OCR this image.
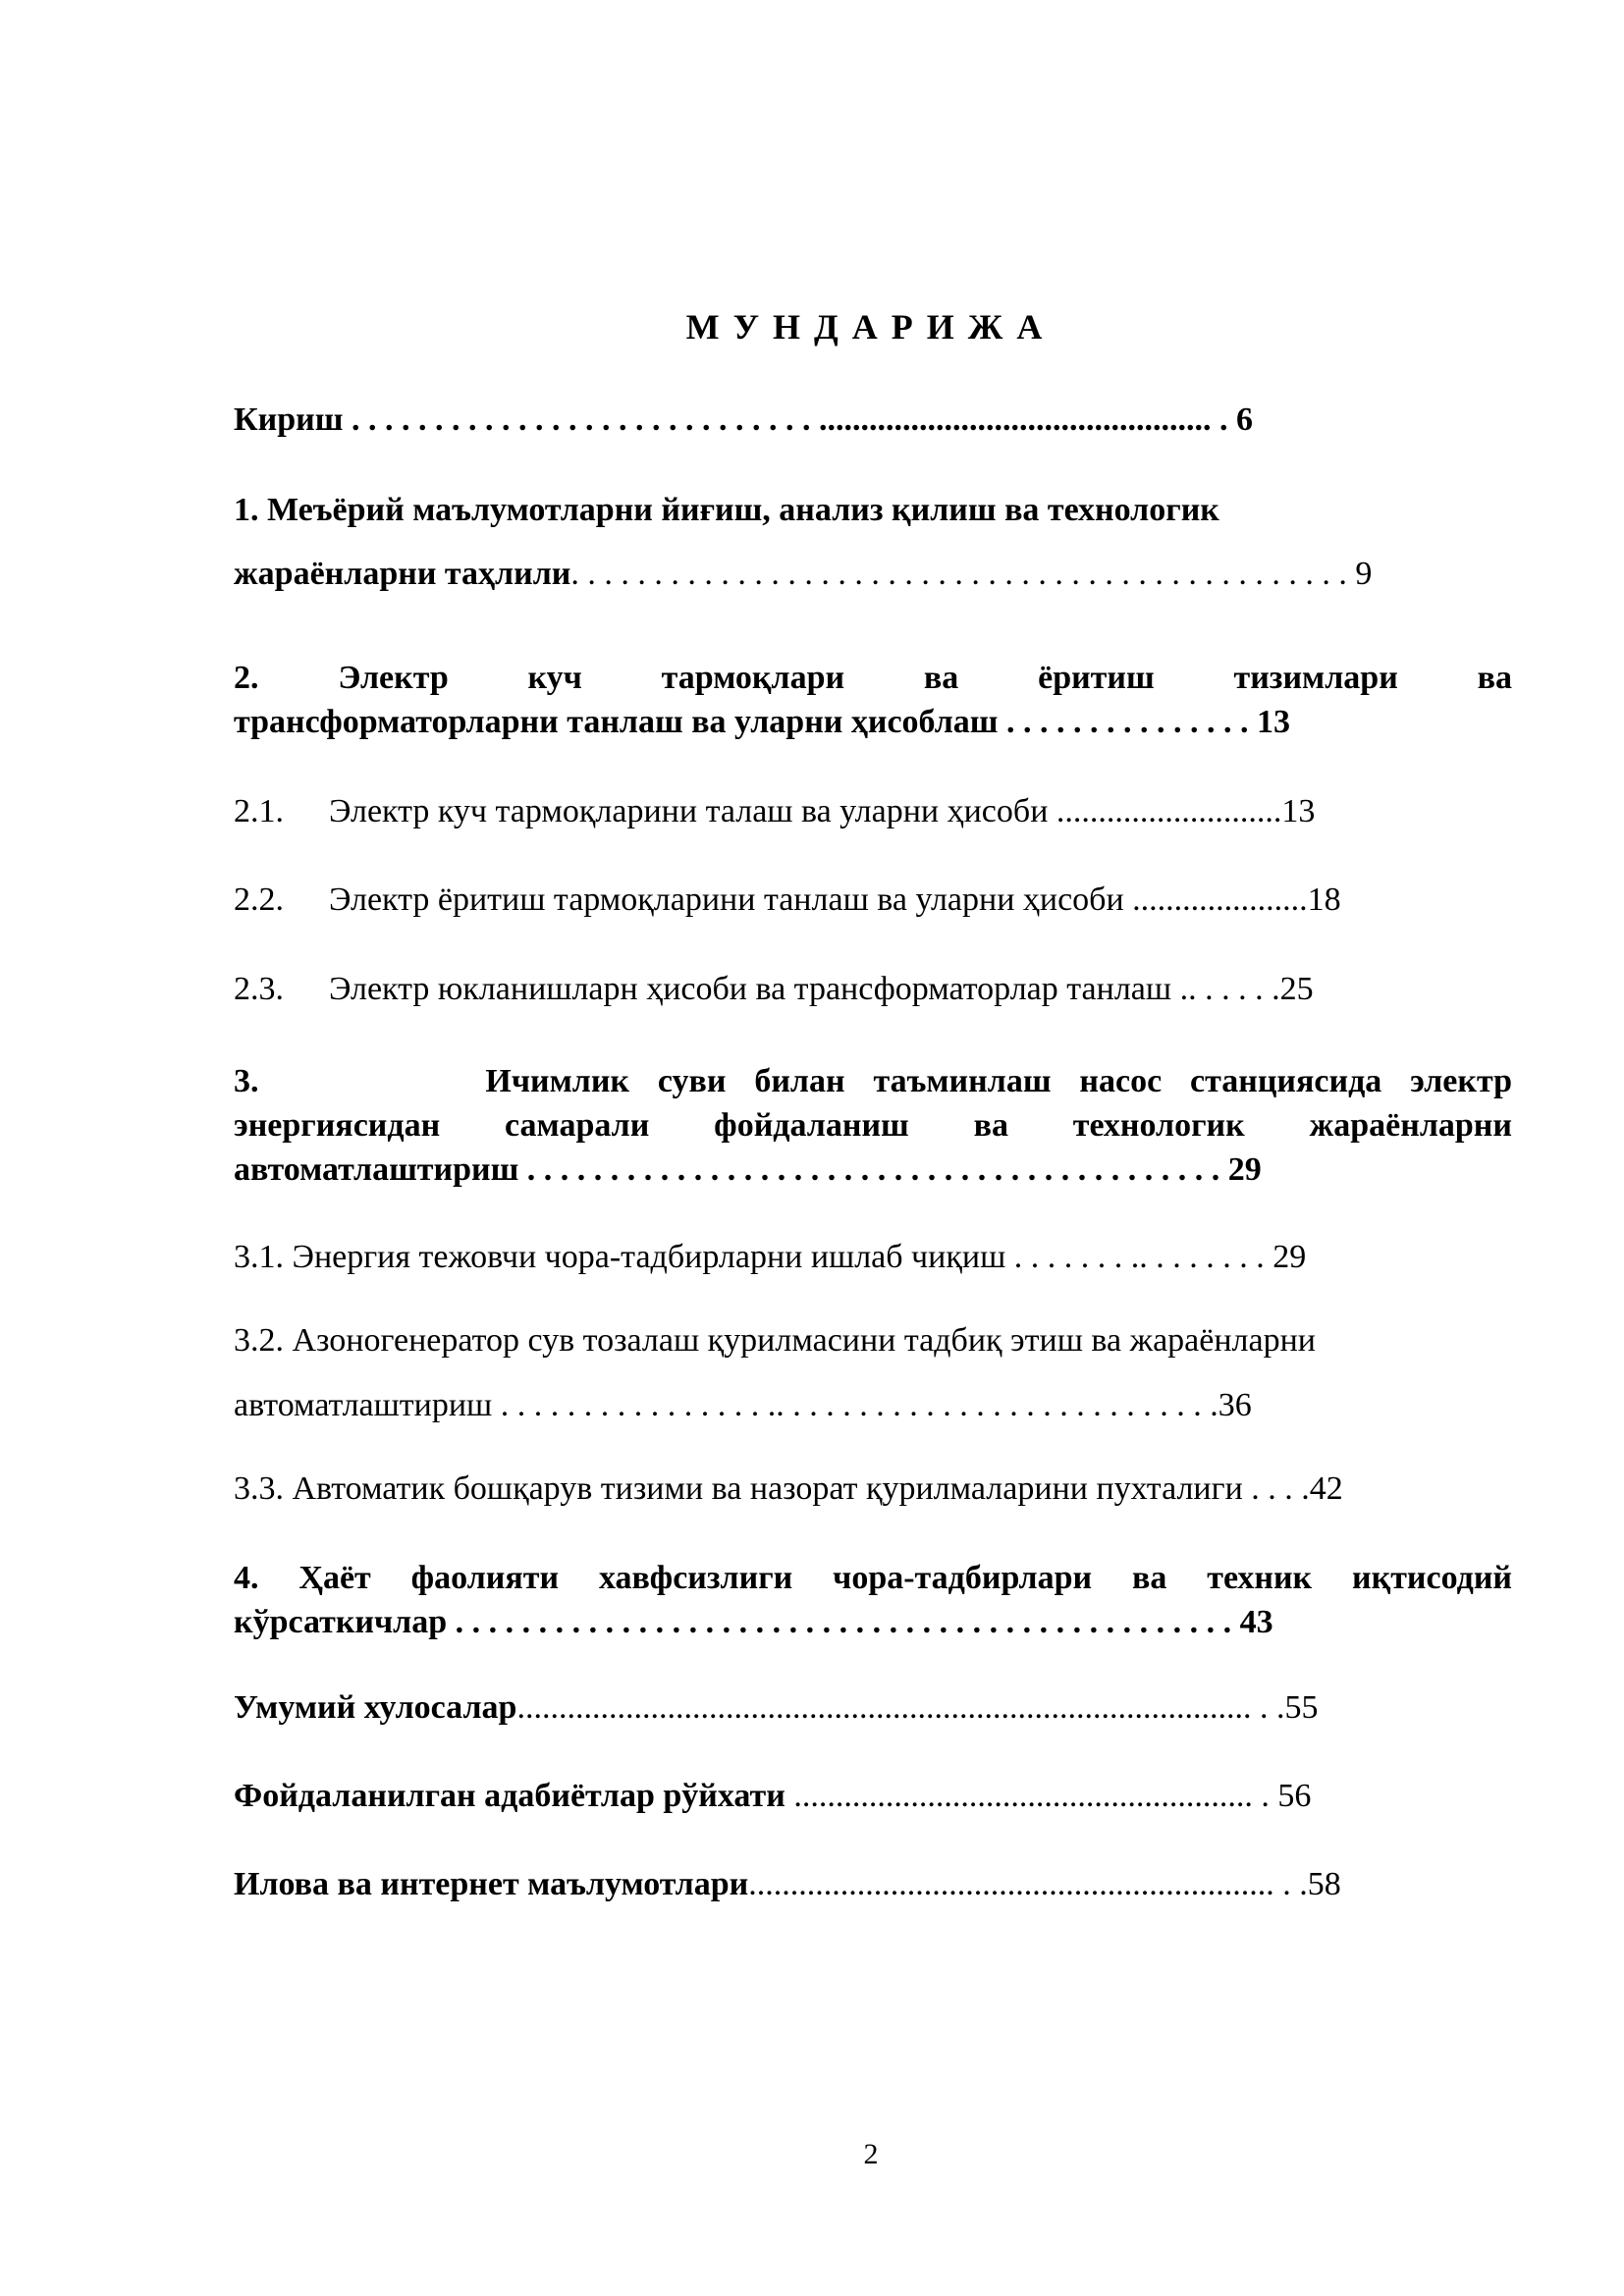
МУНДАРИЖА
Кириш . . . . . . . . . . . . . . . . . . . . . . . . . . . . ............................................... . 6
1. Меъёрий маълумотларни йиғиш, анализ қилиш ва технологик
жараёнларни таҳлили. . . . . . . . . . . . . . . . . . . . . . . . . . . . . . . . . . . . . . . . . . . . . . . 9
2. Электр куч тармоқлари ва ёритиш тизимлари ва
трансформаторларни танлаш ва уларни ҳисоблаш . . . . . . . . . . . . . . . 13
2.1. Электр куч тармоқларини талаш ва уларни ҳисоби ...........................13
2.2. Электр ёритиш тармоқларини танлаш ва уларни ҳисоби .....................18
2.3. Электр юкланишларн ҳисоби ва трансформаторлар танлаш .. . . . . .25
3.        Ичимлик суви билан таъминлаш насос станциясида электр
энергиясидан самарали фойдаланиш ва технологик жараёнларни
автоматлаштириш . . . . . . . . . . . . . . . . . . . . . . . . . . . . . . . . . . . . . . . . . . 29
3.1. Энергия тежовчи чора-тадбирларни ишлаб чиқиш . . . . . . . .. . . . . . . . 29
3.2. Азоногенератор сув тозалаш қурилмасини тадбиқ этиш ва жараёнларни
автоматлаштириш . . . . . . . . . . . . . . . . .. . . . . . . . . . . . . . . . . . . . . . . . . . .36
3.3. Автоматик бошқарув тизими ва назорат қурилмаларини пухталиги . . . .42
4. Ҳаёт фаолияти хавфсизлиги чора-тадбирлари ва техник иқтисодий
кўрсаткичлар . . . . . . . . . . . . . . . . . . . . . . . . . . . . . . . . . . . . . . . . . . . . . . . 43
Умумий хулосалар........................................................................................ . .55
Фойдаланилган адабиётлар рўйхати ....................................................... . 56
Илова ва интернет маълумотлари............................................................... . .58
2
